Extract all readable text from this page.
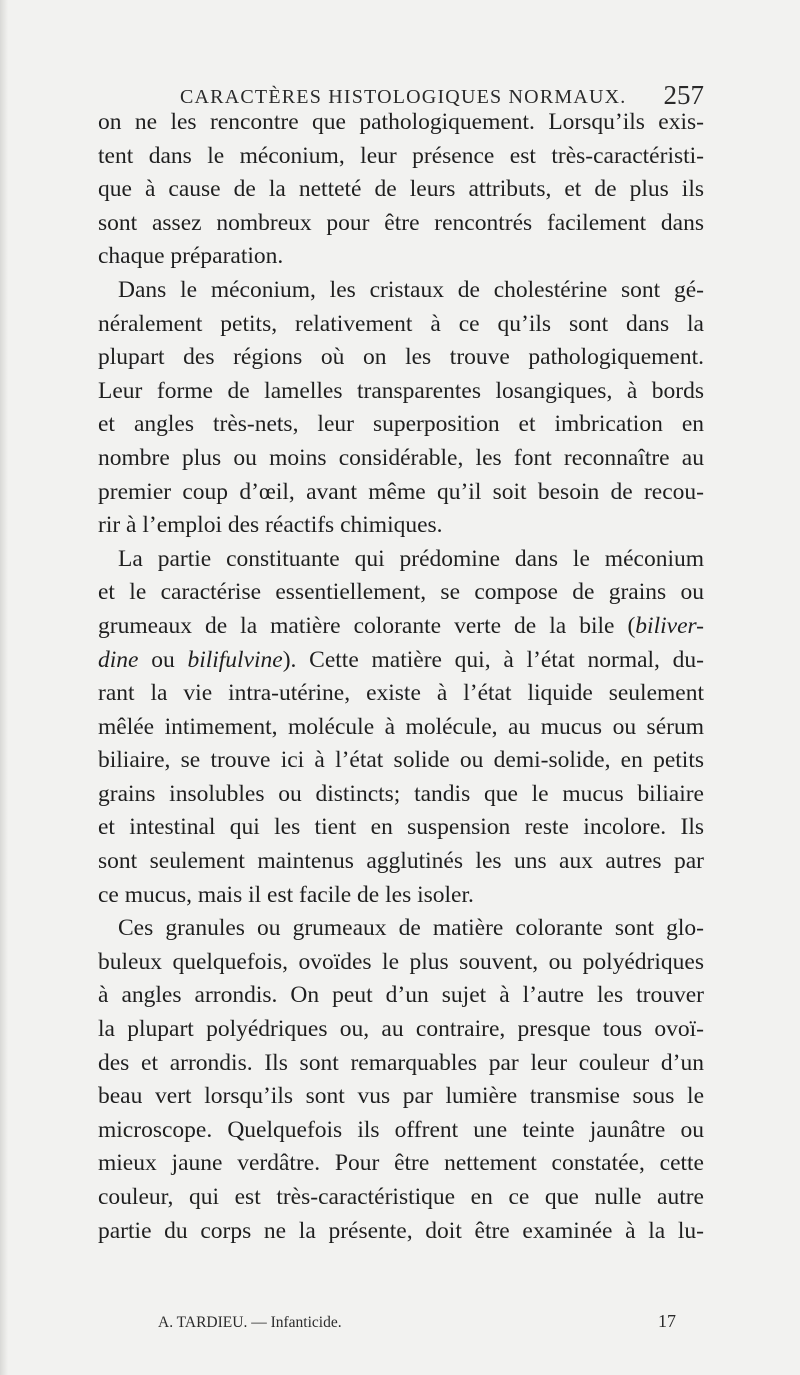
CARACTÈRES HISTOLOGIQUES NORMAUX.	257
on ne les rencontre que pathologiquement. Lorsqu’ils exis-
tent dans le méconium, leur présence est très-caractéristi-
que à cause de la netteté de leurs attributs, et de plus ils
sont assez nombreux pour être rencontrés facilement dans
chaque préparation.
Dans le méconium, les cristaux de cholestérine sont gé-
néralement petits, relativement à ce qu’ils sont dans la
plupart des régions où on les trouve pathologiquement.
Leur forme de lamelles transparentes losangiques, à bords
et angles très-nets, leur superposition et imbrication en
nombre plus ou moins considérable, les font reconnaître au
premier coup d’œil, avant même qu’il soit besoin de recou-
rir à l’emploi des réactifs chimiques.
La partie constituante qui prédomine dans le méconium
et le caractérise essentiellement, se compose de grains ou
grumeaux de la matière colorante verte de la bile (biliver-
dine ou bilifulvine). Cette matière qui, à l’état normal, du-
rant la vie intra-utérine, existe à l’état liquide seulement
mêlée intimement, molécule à molécule, au mucus ou sérum
biliaire, se trouve ici à l’état solide ou demi-solide, en petits
grains insolubles ou distincts; tandis que le mucus biliaire
et intestinal qui les tient en suspension reste incolore. Ils
sont seulement maintenus agglutinés les uns aux autres par
ce mucus, mais il est facile de les isoler.
Ces granules ou grumeaux de matière colorante sont glo-
buleux quelquefois, ovoïdes le plus souvent, ou polyédriques
à angles arrondis. On peut d’un sujet à l’autre les trouver
la plupart polyédriques ou, au contraire, presque tous ovoï-
des et arrondis. Ils sont remarquables par leur couleur d’un
beau vert lorsqu’ils sont vus par lumière transmise sous le
microscope. Quelquefois ils offrent une teinte jaunâtre ou
mieux jaune verdâtre. Pour être nettement constatée, cette
couleur, qui est très-caractéristique en ce que nulle autre
partie du corps ne la présente, doit être examinée à la lu-
A. TARDIEU. — Infanticide.	17
